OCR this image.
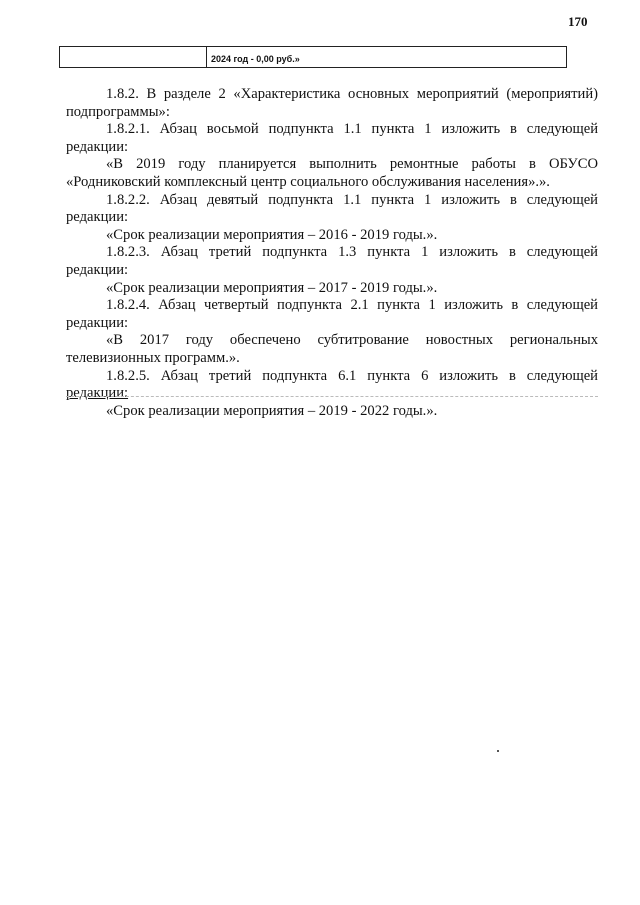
170
2024 год - 0,00 руб.»

1.8.2. В разделе 2 «Характеристика основных мероприятий (мероприятий) подпрограммы»:

1.8.2.1. Абзац восьмой подпункта 1.1 пункта 1 изложить в следующей редакции:

«В 2019 году планируется выполнить ремонтные работы в ОБУСО «Родниковский комплексный центр социального обслуживания населения».».

1.8.2.2. Абзац девятый подпункта 1.1 пункта 1 изложить в следующей редакции:

«Срок реализации мероприятия – 2016 - 2019 годы.».

1.8.2.3. Абзац третий подпункта 1.3 пункта 1 изложить в следующей редакции:

«Срок реализации мероприятия – 2017 - 2019 годы.».

1.8.2.4. Абзац четвертый подпункта 2.1 пункта 1 изложить в следующей редакции:

«В 2017 году обеспечено субтитрование новостных региональных телевизионных программ.».

1.8.2.5. Абзац третий подпункта 6.1 пункта 6 изложить в следующей

редакции:

«Срок реализации мероприятия – 2019 - 2022 годы.».
